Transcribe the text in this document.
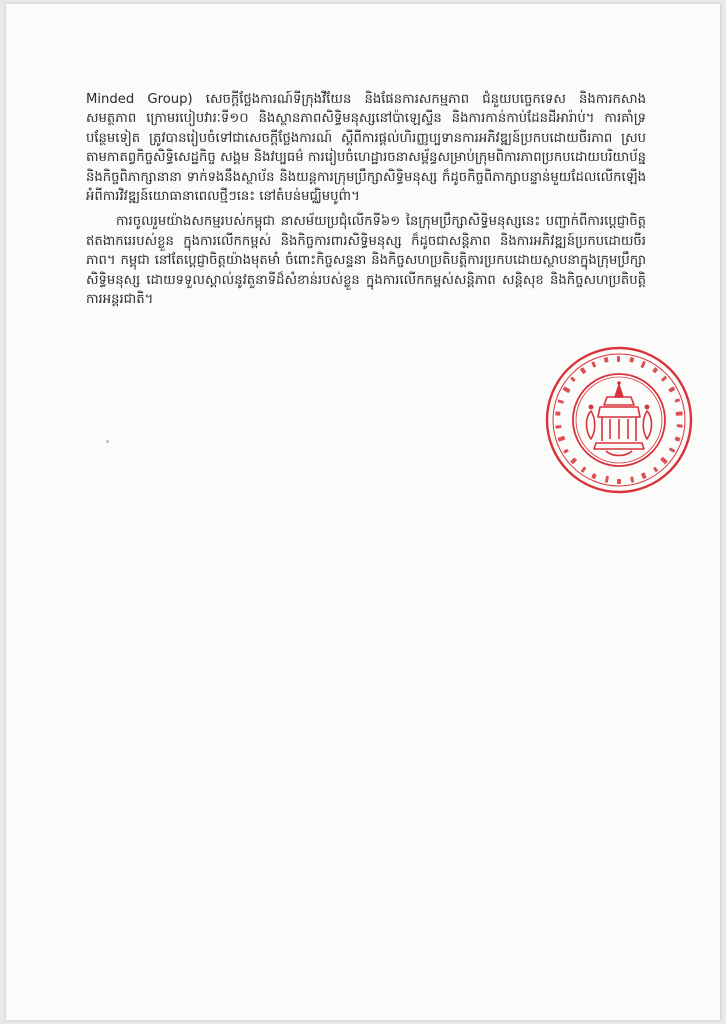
Minded Group) សេចក្តីថ្លែងការណ៍ទីក្រុងវីយែន និងផែនការសកម្មភាព ជំនួយបច្ចេកទេស និងការកសាងសមត្ថភាព ក្រោមរបៀបវារៈទី១០ និងស្ថានភាពសិទ្ធិមនុស្សនៅប៉ាឡេស្ទីន និងការកាន់កាប់ដែនដីអារ៉ាប់។ ការគាំទ្របន្ថែមទៀត ត្រូវបានរៀបចំទៅជាសេចក្តីថ្លែងការណ៍ ស្តីពីការផ្តល់ហិរញ្ញប្បទានការអភិវឌ្ឍន៍ប្រកបដោយចីរភាព ស្របតាមកាតព្វកិច្ចសិទ្ធិសេដ្ឋកិច្ច សង្គម និងវប្បធម៌ ការរៀបចំហេដ្ឋារចនាសម្ព័ន្ធសម្រាប់ក្រុមពិការភាពប្រកបដោយបរិយាប័ន្ន និងកិច្ចពិភាក្សានានា ទាក់ទងនឹងស្ថាប័ន និងយន្តការក្រុមប្រឹក្សាសិទ្ធិមនុស្ស ក៏ដូចកិច្ចពិភាក្សាបន្ទាន់មួយដែលលើកឡើងអំពីការវិវឌ្ឍន៍យោធានាពេលថ្មីៗនេះ នៅតំបន់មជ្ឈិមបូព៌ា។

ការចូលរួមយ៉ាងសកម្មរបស់កម្ពុជា នាសម័យប្រជុំលើកទី៦១ នៃក្រុមប្រឹក្សាសិទ្ធិមនុស្សនេះ បញ្ជាក់ពីការប្តេជ្ញាចិត្តឥតងាករេរបស់ខ្លួន ក្នុងការលើកកម្ពស់ និងកិច្ចការពារសិទ្ធិមនុស្ស ក៏ដូចជាសន្តិភាព និងការអភិវឌ្ឍន៍ប្រកបដោយចីរភាព។ កម្ពុជា នៅតែប្តេជ្ញាចិត្តយ៉ាងមុតមាំ ចំពោះកិច្ចសន្ទនា និងកិច្ចសហប្រតិបត្តិការប្រកបដោយស្ថាបនាក្នុងក្រុមប្រឹក្សាសិទ្ធិមនុស្ស ដោយទទួលស្គាល់នូវតួនាទីដ៏សំខាន់របស់ខ្លួន ក្នុងការលើកកម្ពស់សន្តិភាព សន្តិសុខ និងកិច្ចសហប្រតិបត្តិការអន្តរជាតិ។
